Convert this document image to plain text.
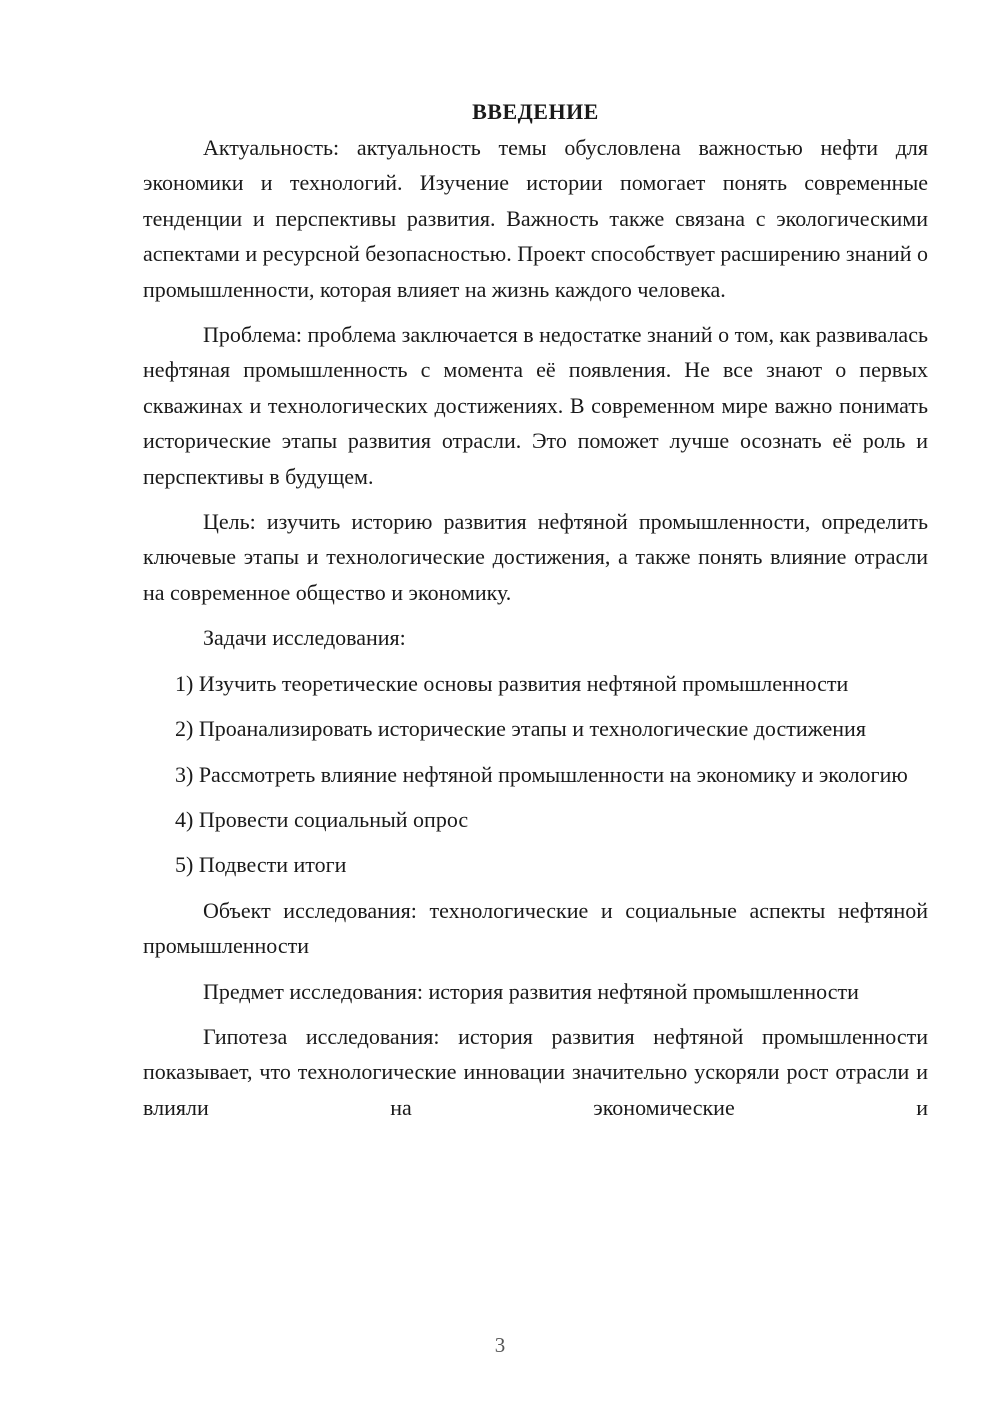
ВВЕДЕНИЕ

Актуальность: актуальность темы обусловлена важностью нефти для экономики и технологий. Изучение истории помогает понять современные тенденции и перспективы развития. Важность также связана с экологическими аспектами и ресурсной безопасностью. Проект способствует расширению знаний о промышленности, которая влияет на жизнь каждого человека.

Проблема: проблема заключается в недостатке знаний о том, как развивалась нефтяная промышленность с момента её появления. Не все знают о первых скважинах и технологических достижениях. В современном мире важно понимать исторические этапы развития отрасли. Это поможет лучше осознать её роль и перспективы в будущем.

Цель: изучить историю развития нефтяной промышленности, определить ключевые этапы и технологические достижения, а также понять влияние отрасли на современное общество и экономику.

Задачи исследования:

1) Изучить теоретические основы развития нефтяной промышленности

2) Проанализировать исторические этапы и технологические достижения

3) Рассмотреть влияние нефтяной промышленности на экономику и экологию

4) Провести социальный опрос

5) Подвести итоги

Объект исследования: технологические и социальные аспекты нефтяной промышленности

Предмет исследования: история развития нефтяной промышленности

Гипотеза исследования: история развития нефтяной промышленности показывает, что технологические инновации значительно ускоряли рост отрасли и влияли на экономические и

3
